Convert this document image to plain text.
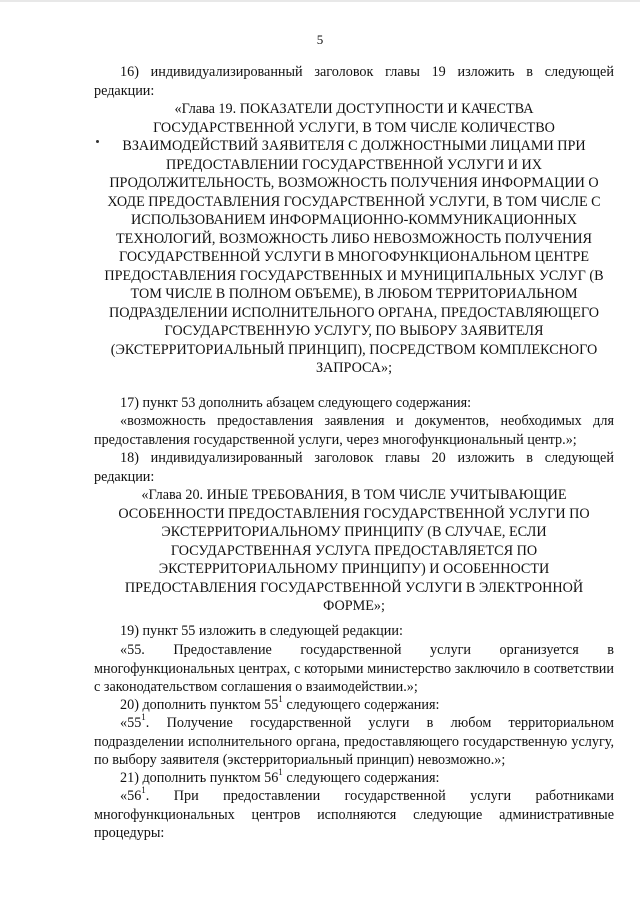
5
16) индивидуализированный заголовок главы 19 изложить в следующей
редакции:
«Глава 19. ПОКАЗАТЕЛИ ДОСТУПНОСТИ И КАЧЕСТВА
ГОСУДАРСТВЕННОЙ УСЛУГИ, В ТОМ ЧИСЛЕ КОЛИЧЕСТВО
ВЗАИМОДЕЙСТВИЙ ЗАЯВИТЕЛЯ С ДОЛЖНОСТНЫМИ ЛИЦАМИ ПРИ
ПРЕДОСТАВЛЕНИИ ГОСУДАРСТВЕННОЙ УСЛУГИ И ИХ
ПРОДОЛЖИТЕЛЬНОСТЬ, ВОЗМОЖНОСТЬ ПОЛУЧЕНИЯ ИНФОРМАЦИИ О
ХОДЕ ПРЕДОСТАВЛЕНИЯ ГОСУДАРСТВЕННОЙ УСЛУГИ, В ТОМ ЧИСЛЕ С
ИСПОЛЬЗОВАНИЕМ ИНФОРМАЦИОННО-КОММУНИКАЦИОННЫХ
ТЕХНОЛОГИЙ, ВОЗМОЖНОСТЬ ЛИБО НЕВОЗМОЖНОСТЬ ПОЛУЧЕНИЯ
ГОСУДАРСТВЕННОЙ УСЛУГИ В МНОГОФУНКЦИОНАЛЬНОМ ЦЕНТРЕ
ПРЕДОСТАВЛЕНИЯ ГОСУДАРСТВЕННЫХ И МУНИЦИПАЛЬНЫХ УСЛУГ (В
ТОМ ЧИСЛЕ В ПОЛНОМ ОБЪЕМЕ), В ЛЮБОМ ТЕРРИТОРИАЛЬНОМ
ПОДРАЗДЕЛЕНИИ ИСПОЛНИТЕЛЬНОГО ОРГАНА, ПРЕДОСТАВЛЯЮЩЕГО
ГОСУДАРСТВЕННУЮ УСЛУГУ, ПО ВЫБОРУ ЗАЯВИТЕЛЯ
(ЭКСТЕРРИТОРИАЛЬНЫЙ ПРИНЦИП), ПОСРЕДСТВОМ КОМПЛЕКСНОГО
ЗАПРОСА»;
17) пункт 53 дополнить абзацем следующего содержания:
«возможность предоставления заявления и документов, необходимых для предоставления государственной услуги, через многофункциональный центр.»;
18) индивидуализированный заголовок главы 20 изложить в следующей
редакции:
«Глава 20. ИНЫЕ ТРЕБОВАНИЯ, В ТОМ ЧИСЛЕ УЧИТЫВАЮЩИЕ
ОСОБЕННОСТИ ПРЕДОСТАВЛЕНИЯ ГОСУДАРСТВЕННОЙ УСЛУГИ ПО
ЭКСТЕРРИТОРИАЛЬНОМУ ПРИНЦИПУ (В СЛУЧАЕ, ЕСЛИ
ГОСУДАРСТВЕННАЯ УСЛУГА ПРЕДОСТАВЛЯЕТСЯ ПО
ЭКСТЕРРИТОРИАЛЬНОМУ ПРИНЦИПУ) И ОСОБЕННОСТИ
ПРЕДОСТАВЛЕНИЯ ГОСУДАРСТВЕННОЙ УСЛУГИ В ЭЛЕКТРОННОЙ
ФОРМЕ»;
19) пункт 55 изложить в следующей редакции:
«55. Предоставление государственной услуги организуется в многофункциональных центрах, с которыми министерство заключило в соответствии с законодательством соглашения о взаимодействии.»;
20) дополнить пунктом $55^1$ следующего содержания:
«$55^1$. Получение государственной услуги в любом территориальном подразделении исполнительного органа, предоставляющего государственную услугу, по выбору заявителя (экстерриториальный принцип) невозможно.»;
21) дополнить пунктом $56^1$ следующего содержания:
«$56^1$. При предоставлении государственной услуги работниками многофункциональных центров исполняются следующие административные процедуры:
